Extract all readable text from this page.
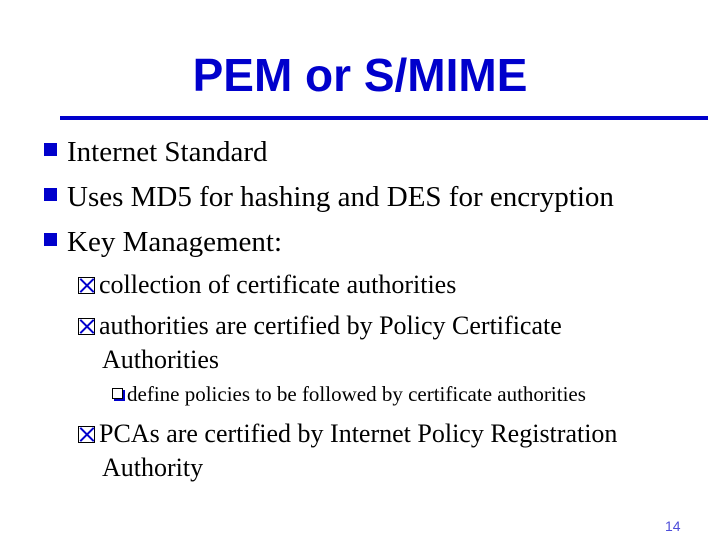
PEM or S/MIME
Internet Standard
Uses MD5 for hashing and DES for encryption
Key Management:
collection of certificate authorities
authorities are certified by Policy Certificate
Authorities
define policies to be followed by certificate authorities
PCAs are certified by Internet Policy Registration
Authority
14
